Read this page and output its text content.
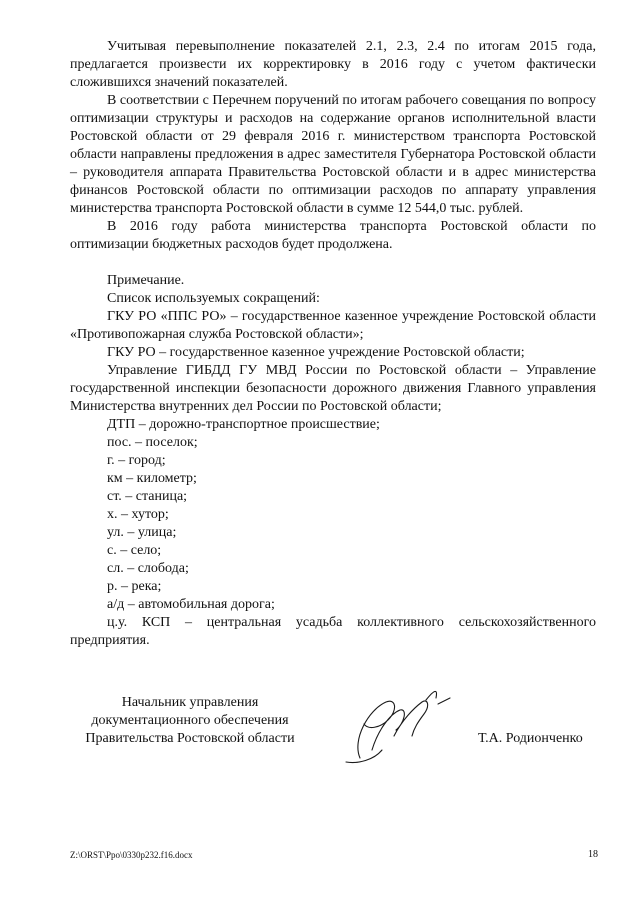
Учитывая перевыполнение показателей 2.1, 2.3, 2.4 по итогам 2015 года, предлагается произвести их корректировку в 2016 году с учетом фактически сложившихся значений показателей.

В соответствии с Перечнем поручений по итогам рабочего совещания по вопросу оптимизации структуры и расходов на содержание органов исполнительной власти Ростовской области от 29 февраля 2016 г. министерством транспорта Ростовской области направлены предложения в адрес заместителя Губернатора Ростовской области – руководителя аппарата Правительства Ростовской области и в адрес министерства финансов Ростовской области по оптимизации расходов по аппарату управления министерства транспорта Ростовской области в сумме 12 544,0 тыс. рублей.

В 2016 году работа министерства транспорта Ростовской области по оптимизации бюджетных расходов будет продолжена.

Примечание.

Список используемых сокращений:

ГКУ РО «ППС РО» – государственное казенное учреждение Ростовской области «Противопожарная служба Ростовской области»;

ГКУ РО – государственное казенное учреждение Ростовской области;

Управление ГИБДД ГУ МВД России по Ростовской области – Управление государственной инспекции безопасности дорожного движения Главного управления Министерства внутренних дел России по Ростовской области;

ДТП – дорожно-транспортное происшествие;

пос. – поселок;

г. – город;

км – километр;

ст. – станица;

х. – хутор;

ул. – улица;

с. – село;

сл. – слобода;

р. – река;

а/д – автомобильная дорога;

ц.у. КСП – центральная усадьба коллективного сельскохозяйственного предприятия.

Начальник управления
документационного обеспечения
Правительства Ростовской области	Т.А. Родионченко
Z:\ORST\Ppo\0330p232.f16.docx	18
